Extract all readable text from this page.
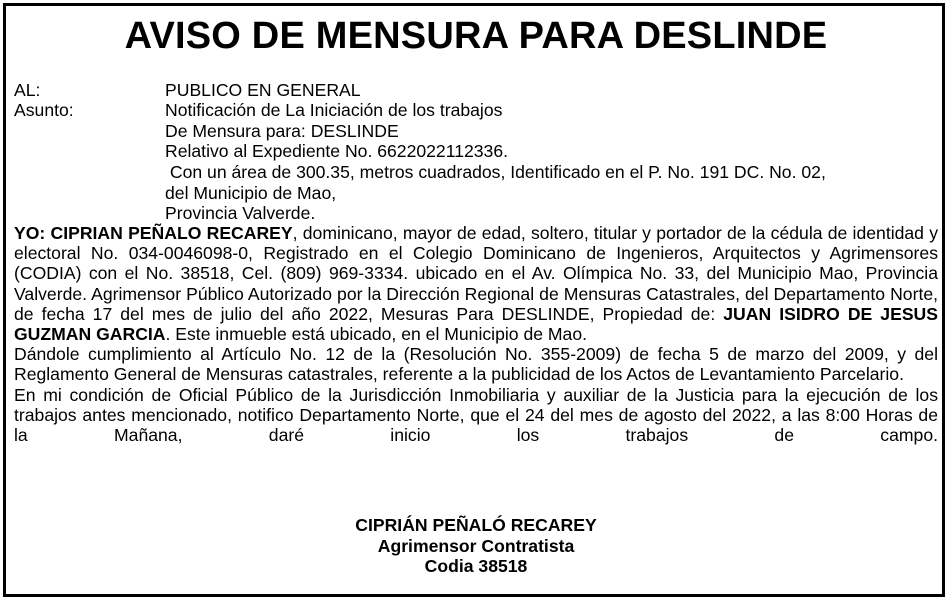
AVISO DE MENSURA PARA DESLINDE
AL:	PUBLICO EN GENERAL
Asunto:	Notificación de La Iniciación de los trabajos
De Mensura para: DESLINDE
Relativo al Expediente No. 6622022112336.
Con un área de 300.35, metros cuadrados, Identificado en el P. No. 191 DC. No. 02,
del Municipio de Mao,
Provincia Valverde.

YO: CIPRIAN PEÑALO RECAREY, dominicano, mayor de edad, soltero, titular y portador de la cédula de identidad y electoral No. 034-0046098-0, Registrado en el Colegio Dominicano de Ingenieros, Arquitectos y Agrimensores (CODIA) con el No. 38518, Cel. (809) 969-3334. ubicado en el Av. Olímpica No. 33, del Municipio Mao, Provincia Valverde. Agrimensor Público Autorizado por la Dirección Regional de Mensuras Catastrales, del Departamento Norte, de fecha 17 del mes de julio del año 2022, Mesuras Para DESLINDE, Propiedad de: JUAN ISIDRO DE JESUS GUZMAN GARCIA. Este inmueble está ubicado, en el Municipio de Mao.

Dándole cumplimiento al Artículo No. 12 de la (Resolución No. 355-2009) de fecha 5 de marzo del 2009, y del Reglamento General de Mensuras catastrales, referente a la publicidad de los Actos de Levantamiento Parcelario.

En mi condición de Oficial Público de la Jurisdicción Inmobiliaria y auxiliar de la Justicia para la ejecución de los trabajos antes mencionado, notifico Departamento Norte, que el 24 del mes de agosto del 2022, a las 8:00 Horas de la Mañana, daré inicio los trabajos de campo.

CIPRIÁN PEÑALÓ RECAREY
Agrimensor Contratista
Codia 38518
